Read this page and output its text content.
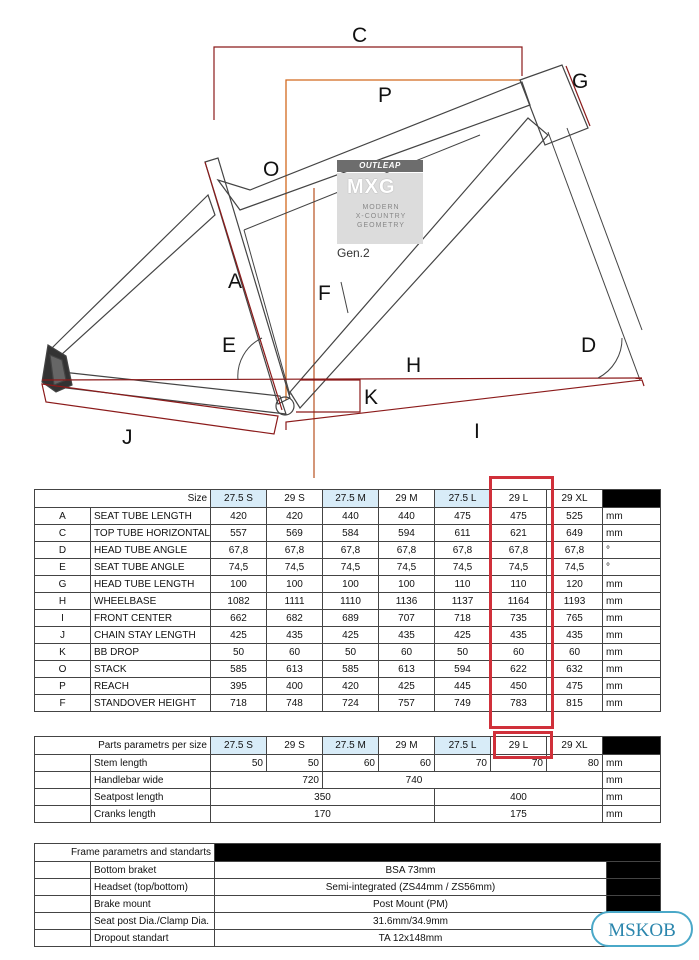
C
P
G
O
A
F
E
H
D
K
J	I
OUTLEAP
MXG
MODERN
X-COUNTRY
GEOMETRY
Gen.2
Size		27.5 S	29 S	27.5 M	29 M	27.5 L	29 L	29 XL	
A	SEAT TUBE LENGTH	420	420	440	440	475	475	525	mm
C	TOP TUBE HORIZONTAL	557	569	584	594	611	621	649	mm
D	HEAD TUBE ANGLE	67,8	67,8	67,8	67,8	67,8	67,8	67,8	°
E	SEAT TUBE ANGLE	74,5	74,5	74,5	74,5	74,5	74,5	74,5	°
G	HEAD TUBE LENGTH	100	100	100	100	110	110	120	mm
H	WHEELBASE	1082	1111	1110	1136	1137	1164	1193	mm
I	FRONT CENTER	662	682	689	707	718	735	765	mm
J	CHAIN STAY LENGTH	425	435	425	435	425	435	435	mm
K	BB DROP	50	60	50	60	50	60	60	mm
O	STACK	585	613	585	613	594	622	632	mm
P	REACH	395	400	420	425	445	450	475	mm
F	STANDOVER HEIGHT	718	748	724	757	749	783	815	mm
Parts parametrs per size		27.5 S	29 S	27.5 M	29 M	27.5 L	29 L	29 XL	
	Stem length	50	50	60	60	70	70	80	mm
	Handlebar wide	720		740					mm
	Seatpost length	350				400			mm
	Cranks length	170				175			mm
Frame parametrs and standarts			
	Bottom braket	BSA 73mm	
	Headset (top/bottom)	Semi-integrated (ZS44mm / ZS56mm)	
	Brake mount	Post Mount (PM)	
	Seat post Dia./Clamp Dia.	31.6mm/34.9mm	
	Dropout standart	TA 12x148mm		MSKOB
